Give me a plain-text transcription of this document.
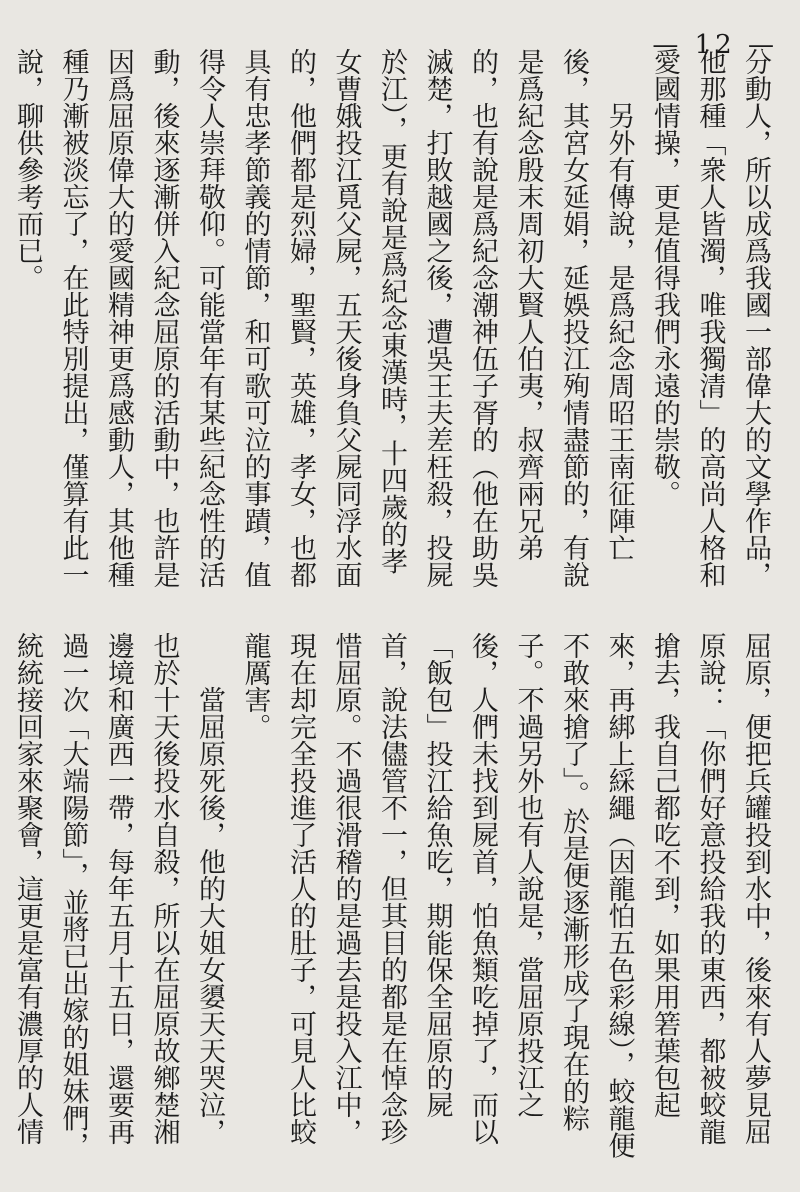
— 12 —

分動人，所以成爲我國一部偉大的文學作品，他那種「衆人皆濁，唯我獨清」的高尚人格和愛國情操，更是值得我們永遠的崇敬。

另外有傳說，是爲紀念周昭王南征陣亡後，其宮女延娟，延娛投江殉情盡節的，有說是爲紀念殷末周初大賢人伯夷，叔齊兩兄弟的，也有說是爲紀念潮神伍子胥的（他在助吳滅楚，打敗越國之後，遭吳王夫差枉殺，投屍於江），更有說是爲紀念東漢時，十四歲的孝女曹娥投江覓父屍，五天後身負父屍同浮水面的，他們都是烈婦，聖賢，英雄，孝女，也都具有忠孝節義的情節，和可歌可泣的事蹟，值得令人崇拜敬仰。可能當年有某些紀念性的活動，後來逐漸併入紀念屈原的活動中，也許是因爲屈原偉大的愛國精神更爲感動人，其他種種乃漸被淡忘了，在此特別提出，僅算有此一說，聊供參考而已。

屈原，便把兵罐投到水中，後來有人夢見屈原說：「你們好意投給我的東西，都被蛟龍搶去，我自己都吃不到，如果用箬葉包起來，再綁上綵繩（因龍怕五色彩線），蛟龍便不敢來搶了」。於是便逐漸形成了現在的粽子。不過另外也有人說是，當屈原投江之後，人們未找到屍首，怕魚類吃掉了，而以「飯包」投江給魚吃，期能保全屈原的屍首，說法儘管不一，但其目的都是在悼念珍惜屈原。不過很滑稽的是過去是投入江中，現在却完全投進了活人的肚子，可見人比蛟龍厲害。

當屈原死後，他的大姐女嬃天天哭泣，也於十天後投水自殺，所以在屈原故鄉楚湘邊境和廣西一帶，每年五月十五日，還要再過一次「大端陽節」，並將已出嫁的姐妹們，統統接回家來聚會，這更是富有濃厚的人情
